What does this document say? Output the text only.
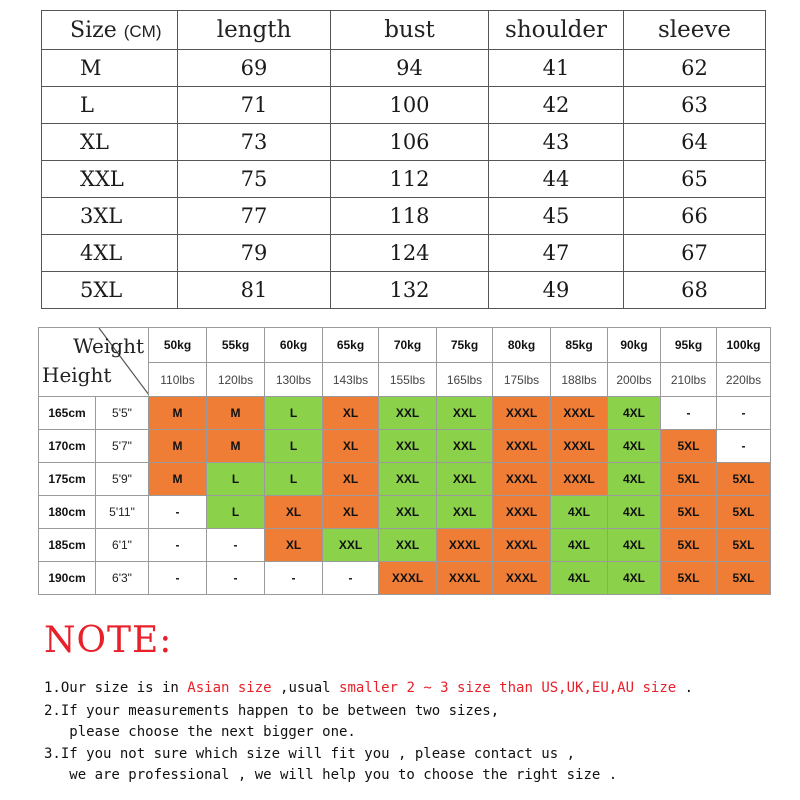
Size (CM)	length	bust	shoulder	sleeve
M	69	94	41	62
L	71	100	42	63
XL	73	106	43	64
XXL	75	112	44	65
3XL	77	118	45	66
4XL	79	124	47	67
5XL	81	132	49	68
Weight
Height		50kg	55kg	60kg	65kg	70kg	75kg	80kg	85kg	90kg	95kg	100kg
		110lbs	120lbs	130lbs	143lbs	155lbs	165lbs	175lbs	188lbs	200lbs	210lbs	220lbs
165cm	5'5"	M	M	L	XL	XXL	XXL	XXXL	XXXL	4XL	-	-
170cm	5'7"	M	M	L	XL	XXL	XXL	XXXL	XXXL	4XL	5XL	-
175cm	5'9"	M	L	L	XL	XXL	XXL	XXXL	XXXL	4XL	5XL	5XL
180cm	5'11"	-	L	XL	XL	XXL	XXL	XXXL	4XL	4XL	5XL	5XL
185cm	6'1"	-	-	XL	XXL	XXL	XXXL	XXXL	4XL	4XL	5XL	5XL
190cm	6'3"	-	-	-	-	XXXL	XXXL	XXXL	4XL	4XL	5XL	5XL
NOTE:
1.Our size is in Asian size ,usual smaller 2 ~ 3 size than US,UK,EU,AU size .
2.If your measurements happen to be between two sizes,
please choose the next bigger one.
3.If you not sure which size will fit you , please contact us ,
we are professional , we will help you to choose the right size .
